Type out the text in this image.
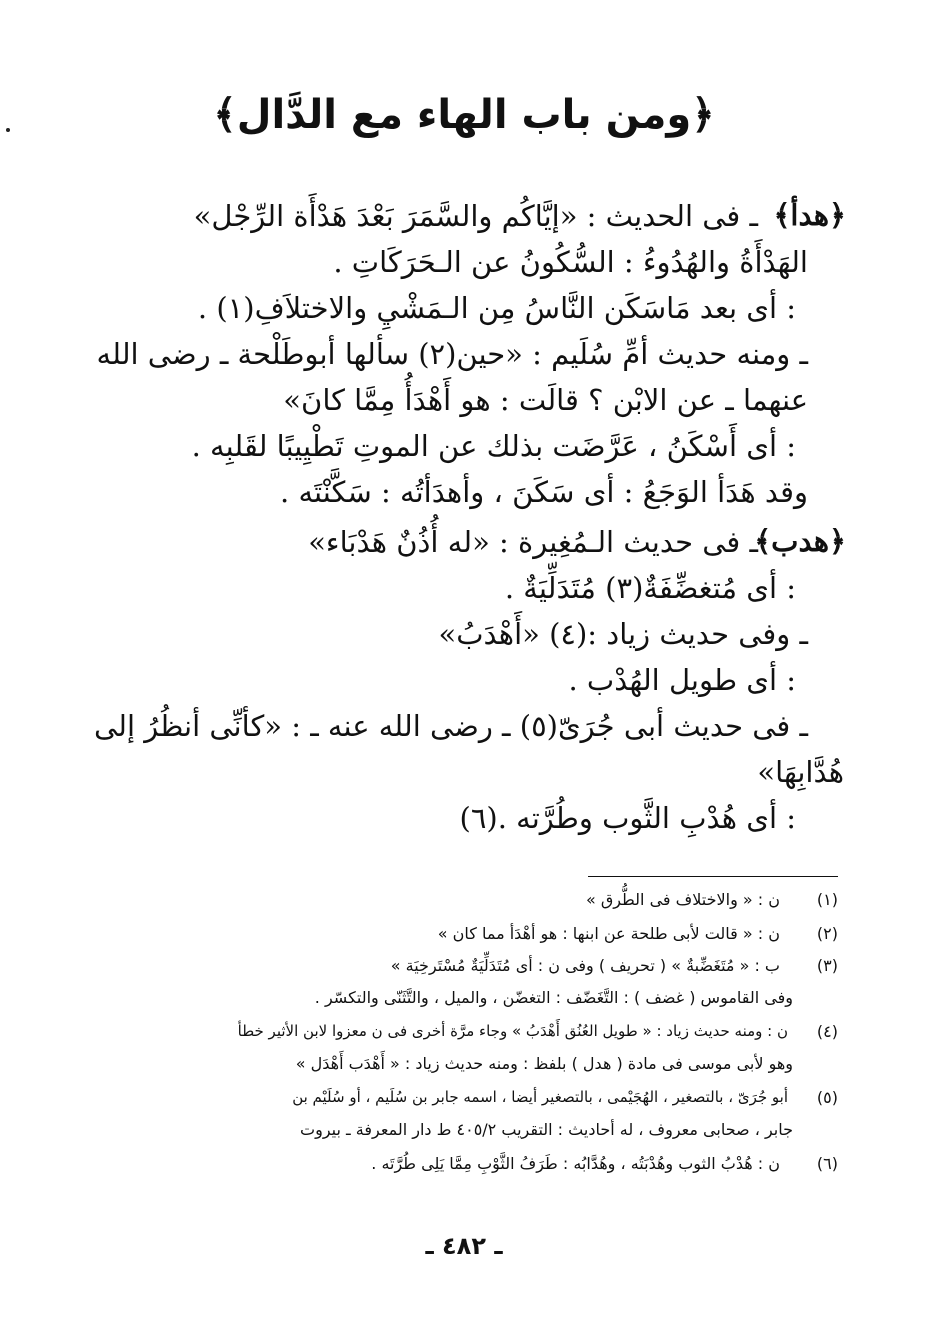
﴿ومن باب الهاء مع الدَّال﴾
﴿هدأ﴾
ـ فى الحديث : «إيَّاكُم والسَّمَرَ بَعْدَ هَدْأَة الرِّجْل»
الهَدْأَةُ والهُدُوءُ : السُّكُونُ عن الـحَرَكَاتِ .
: أى بعد مَاسَكَن النَّاسُ مِن الـمَشْيِ والاختلاَفِ(١) .
ـ ومنه حديث أمِّ سُلَيم : «حين(٢) سألها أبوطَلْحة ـ رضى الله
عنهما ـ عن الابْن ؟ قالَت : هو أَهْدَأُ مِمَّا كانَ»
: أى أَسْكَنُ ، عَرَّضَت بذلك عن الموتِ تَطْيِيبًا لقَلبِه .
وقد هَدَأ الوَجَعُ : أى سَكَنَ ، وأهدَأتُه : سَكَّنْتَه .
﴿هدب﴾
ـ فى حديث الـمُغِيرة : «له أُذُنٌ هَدْبَاء»
: أى مُتغضِّفَةٌ(٣) مُتَدَلِّيَةٌ .
ـ وفى حديث زياد :(٤) «أَهْدَبُ»
: أى طويل الهُدْب .
ـ فى حديث أبى جُرَىّ(٥) ـ رضى الله عنه ـ : «كأنِّى أنظُرُ إلى
هُدَّابِهَا»
: أى هُدْبِ الثَّوب وطُرَّته .(٦)
(١)
ن : « والاختلاف فى الطُّرق »
(٢)
ن : « قالت لأبى طلحة عن ابنها : هو أهْدَأ مما كان »
(٣)
ب : « مُتَغَضِّبةٌ » ( تحريف ) وفى ن : أى مُتَدَلِّيَةٌ مُسْتَرخِيَة »
وفى القاموس ( غضف ) : التَّغَضّف : التغضّن ، والميل ، والتَّثَنّى والتكسّر .
(٤)
ن : ومنه حديث زياد : « طويل العُنُق أَهْدَبُ » وجاء مرَّة أخرى فى ن معزوا لابن الأثير خطأ
وهو لأبى موسى فى مادة ( هدل ) بلفظ : ومنه حديث زياد : « أَهْدَب أَهْدَل »
(٥)
أبو جُرَىّ ، بالتصغير ، الهُجَيْمى ، بالتصغير أيضا ، اسمه جابر بن سُلَيم ، أو سُلَيْم بن
جابر ، صحابى معروف ، له أحاديث : التقريب ٤٠٥/٢ ط دار المعرفة ـ بيروت
(٦)
ن : هُدْبُ الثوب وهُدْبَتُه ، وهُدَّابُه : طَرَفُ الثَّوْبِ مِمَّا يَلِى طُرَّتَه .
ـ ٤٨٢ ـ
